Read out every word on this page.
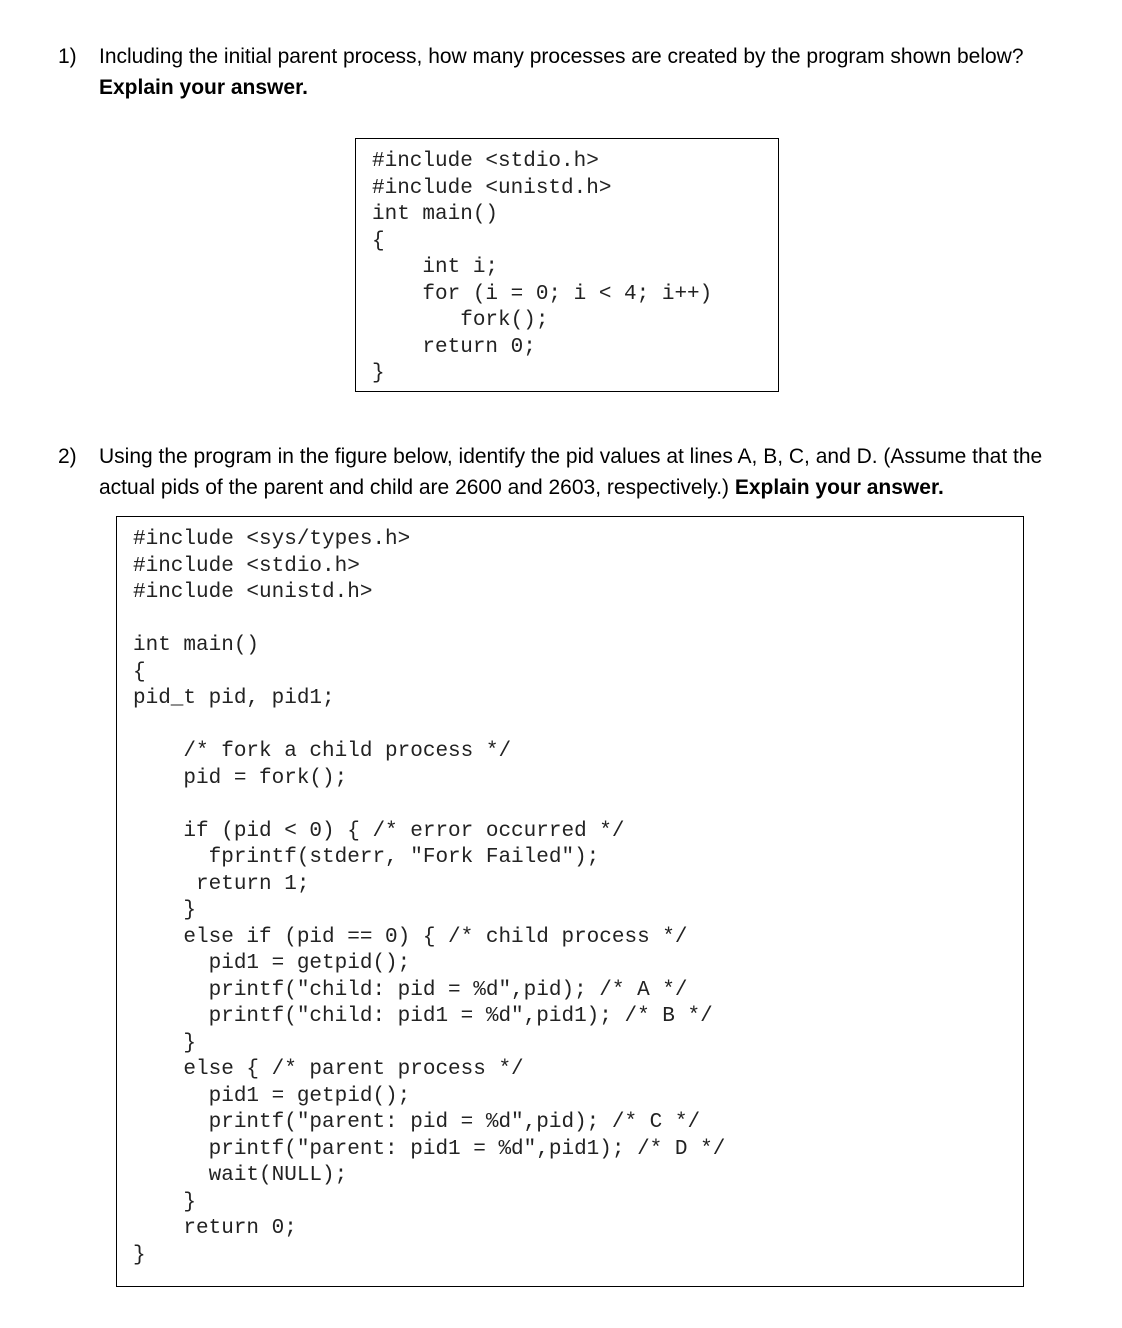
1) Including the initial parent process, how many processes are created by the program shown below?
Explain your answer.
#include <stdio.h>
#include <unistd.h>
int main()
{
int i;
for (i = 0; i < 4; i++)
fork();
return 0;
}
2) Using the program in the figure below, identify the pid values at lines A, B, C, and D. (Assume that the actual pids of the parent and child are 2600 and 2603, respectively.) Explain your answer.
#include <sys/types.h>
#include <stdio.h>
#include <unistd.h>
int main()
{
pid_t pid, pid1;
/* fork a child process */
pid = fork();
if (pid < 0) { /* error occurred */
fprintf(stderr, "Fork Failed");
return 1;
}
else if (pid == 0) { /* child process */
pid1 = getpid();
printf("child: pid = %d",pid); /* A */
printf("child: pid1 = %d",pid1); /* B */
}
else { /* parent process */
pid1 = getpid();
printf("parent: pid = %d",pid); /* C */
printf("parent: pid1 = %d",pid1); /* D */
wait(NULL);
}
return 0;
}
